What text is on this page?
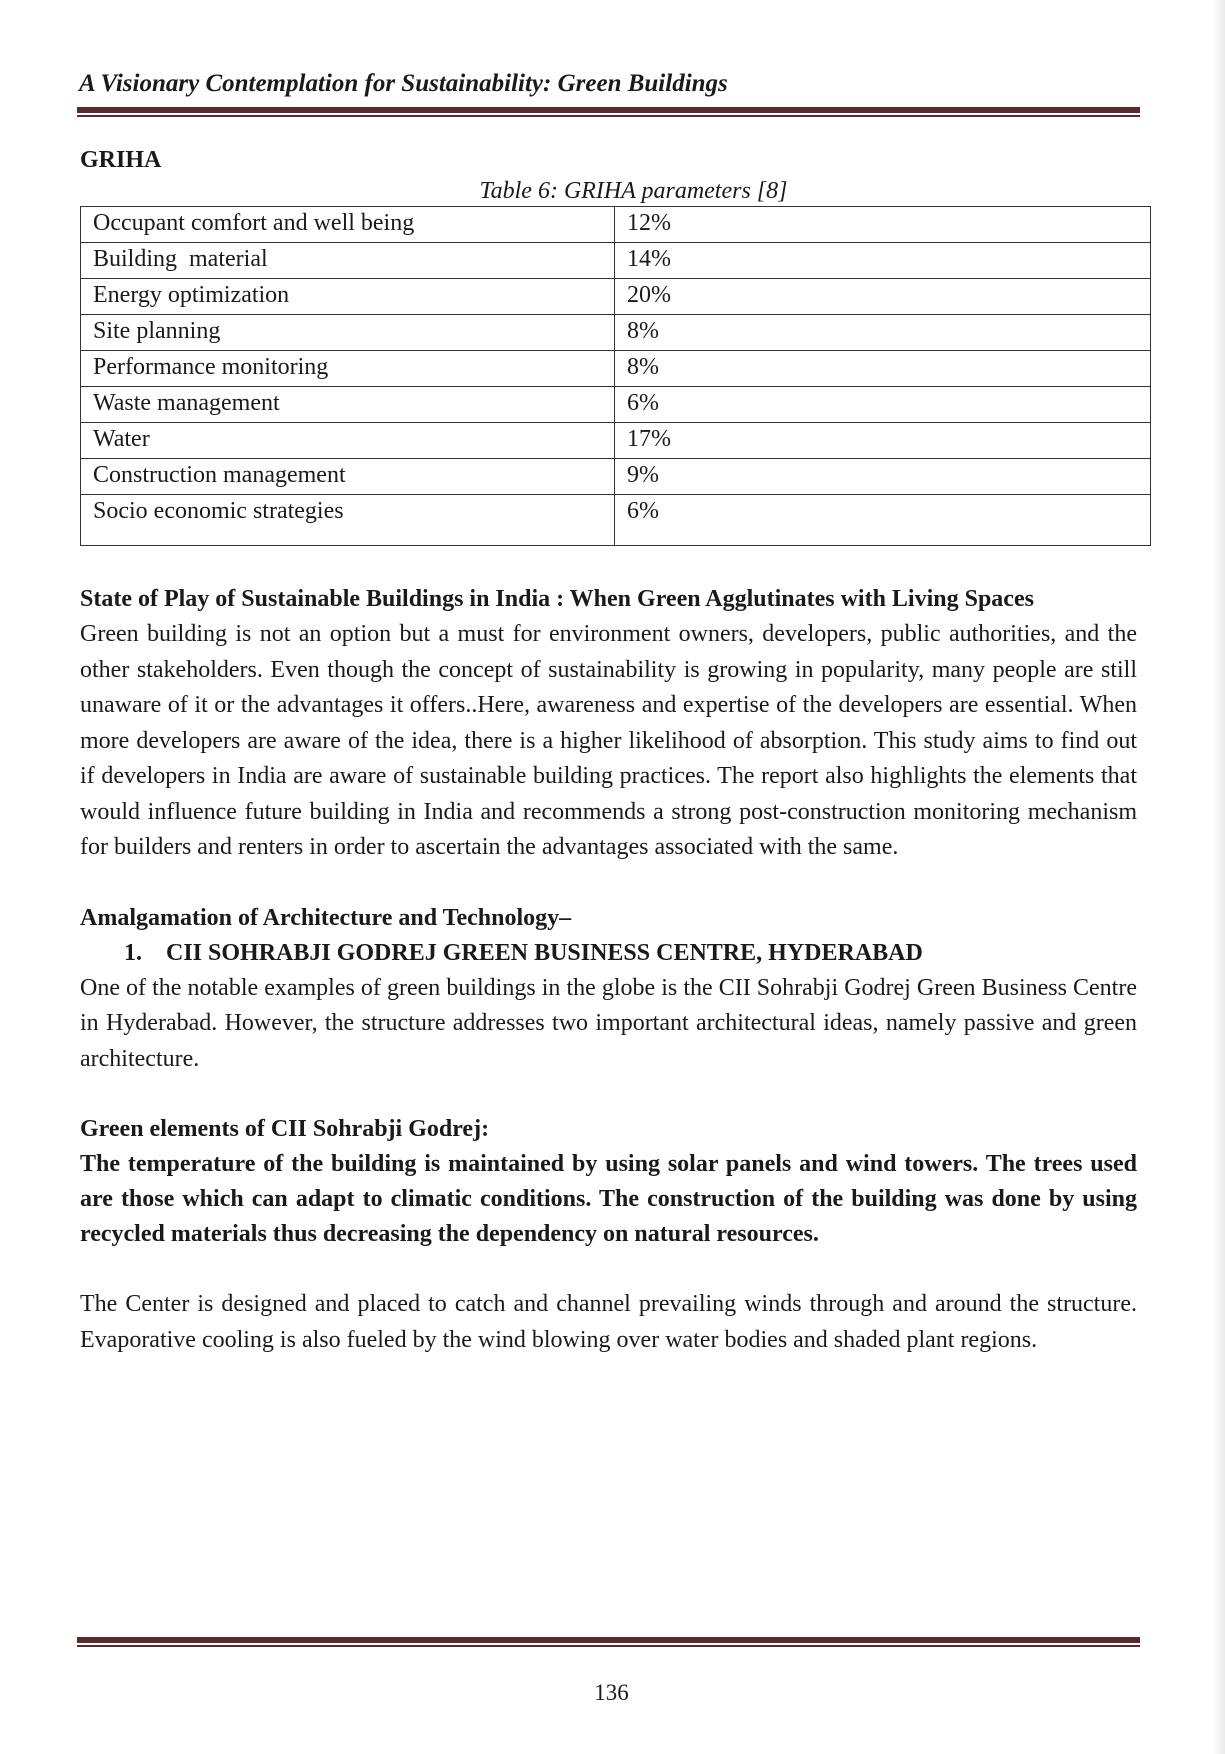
A Visionary Contemplation for Sustainability: Green Buildings

GRIHA

Table 6: GRIHA parameters [8]

Occupant comfort and well being	12%
Building  material	14%
Energy optimization	20%
Site planning	8%
Performance monitoring	8%
Waste management	6%
Water	17%
Construction management	9%
Socio economic strategies	6%

State of Play of Sustainable Buildings in India : When Green Agglutinates with Living Spaces

Green building is not an option but a must for environment owners, developers, public authorities, and the other stakeholders. Even though the concept of sustainability is growing in popularity, many people are still unaware of it or the advantages it offers..Here, awareness and expertise of the developers are essential. When more developers are aware of the idea, there is a higher likelihood of absorption. This study aims to find out if developers in India are aware of sustainable building practices. The report also highlights the elements that would influence future building in India and recommends a strong post-construction monitoring mechanism for builders and renters in order to ascertain the advantages associated with the same.

Amalgamation of Architecture and Technology–

1. CII SOHRABJI GODREJ GREEN BUSINESS CENTRE, HYDERABAD

One of the notable examples of green buildings in the globe is the CII Sohrabji Godrej Green Business Centre in Hyderabad. However, the structure addresses two important architectural ideas, namely passive and green architecture.

Green elements of CII Sohrabji Godrej:

The temperature of the building is maintained by using solar panels and wind towers. The trees used are those which can adapt to climatic conditions. The construction of the building was done by using recycled materials thus decreasing the dependency on natural resources.

The Center is designed and placed to catch and channel prevailing winds through and around the structure. Evaporative cooling is also fueled by the wind blowing over water bodies and shaded plant regions.

136
